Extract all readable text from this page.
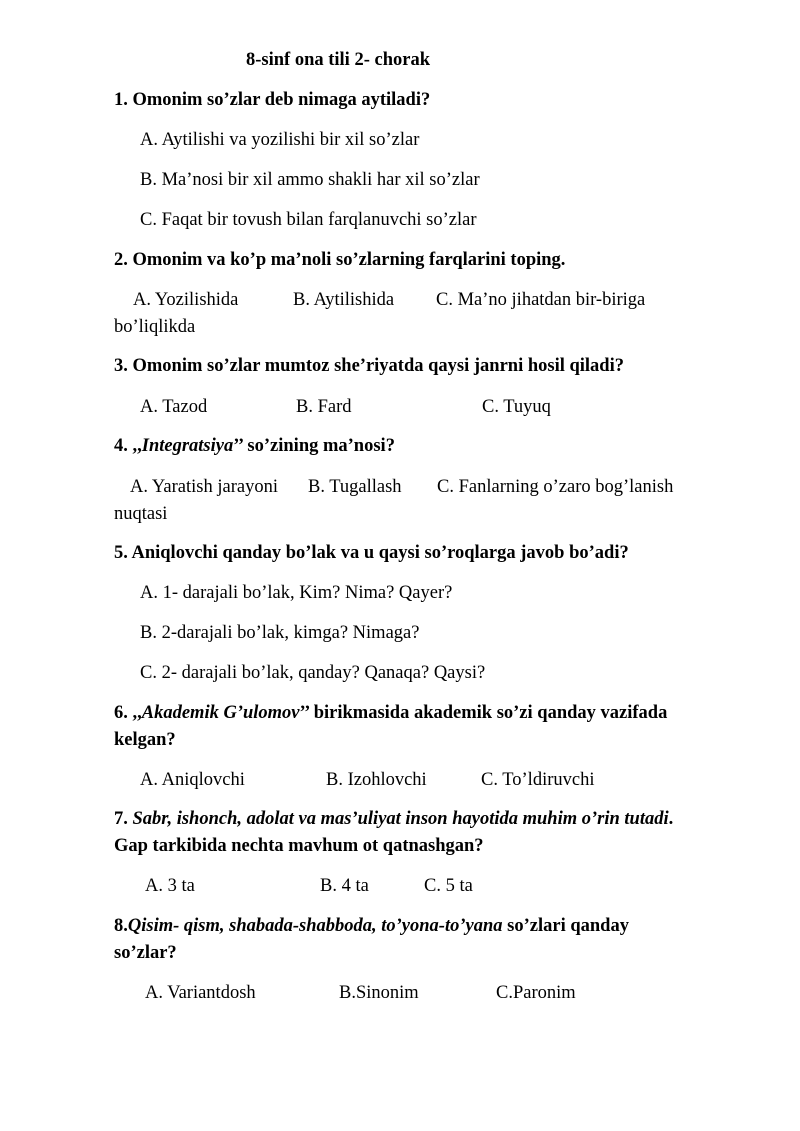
8-sinf ona tili 2- chorak
1. Omonim so’zlar deb nimaga aytiladi?
A. Aytilishi va yozilishi bir xil so’zlar
B. Ma’nosi bir xil ammo shakli har xil so’zlar
C. Faqat bir tovush bilan farqlanuvchi so’zlar
2. Omonim va ko’p ma’noli so’zlarning farqlarini toping.
A. Yozilishida	B. Aytilishida C. Ma’no jihatdan bir-biriga
bo’liqlikda
3. Omonim so’zlar mumtoz she’riyatda qaysi janrni hosil qiladi?
A. Tazod	B. Fard	C. Tuyuq
4. ,,Integratsiya’’ so’zining ma’nosi?
A. Yaratish jarayoni B. Tugallash C. Fanlarning o’zaro bog’lanish
nuqtasi
5. Aniqlovchi qanday bo’lak va u qaysi so’roqlarga javob bo’adi?
A. 1- darajali bo’lak, Kim? Nima? Qayer?
B. 2-darajali bo’lak, kimga? Nimaga?
C. 2- darajali bo’lak, qanday? Qanaqa? Qaysi?
6. ,,Akademik G’ulomov’’ birikmasida akademik so’zi qanday vazifada
kelgan?
A. Aniqlovchi	B. Izohlovchi	C. To’ldiruvchi
7. Sabr, ishonch, adolat va mas’uliyat inson hayotida muhim o’rin tutadi.
Gap tarkibida nechta mavhum ot qatnashgan?
A. 3 ta	B. 4 ta	C. 5 ta
8.Qisim- qism, shabada-shabboda, to’yona-to’yana so’zlari qanday
so’zlar?
A. Variantdosh	B.Sinonim	C.Paronim
